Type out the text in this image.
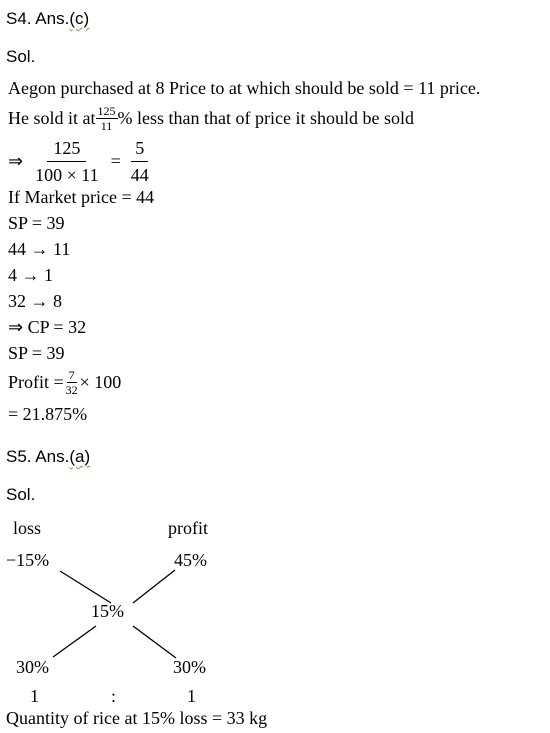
S4. Ans.(c)
Sol.
Aegon purchased at 8 Price to at which should be sold = 11 price.
He sold it at $\frac{125}{11}$ % less than that of price it should be sold
⇒ $\frac{125}{100 \times 11} = \frac{5}{44}$
If Market price = 44
SP = 39
44 → 11
4 → 1
32 → 8
⇒ CP = 32
SP = 39
Profit = $\frac{7}{32} \times 100$
= 21.875%
S5. Ans.(a)
Sol.
loss	profit
−15%	45%
15%
30%	30%
1	:	1
Quantity of rice at 15% loss = 33 kg
